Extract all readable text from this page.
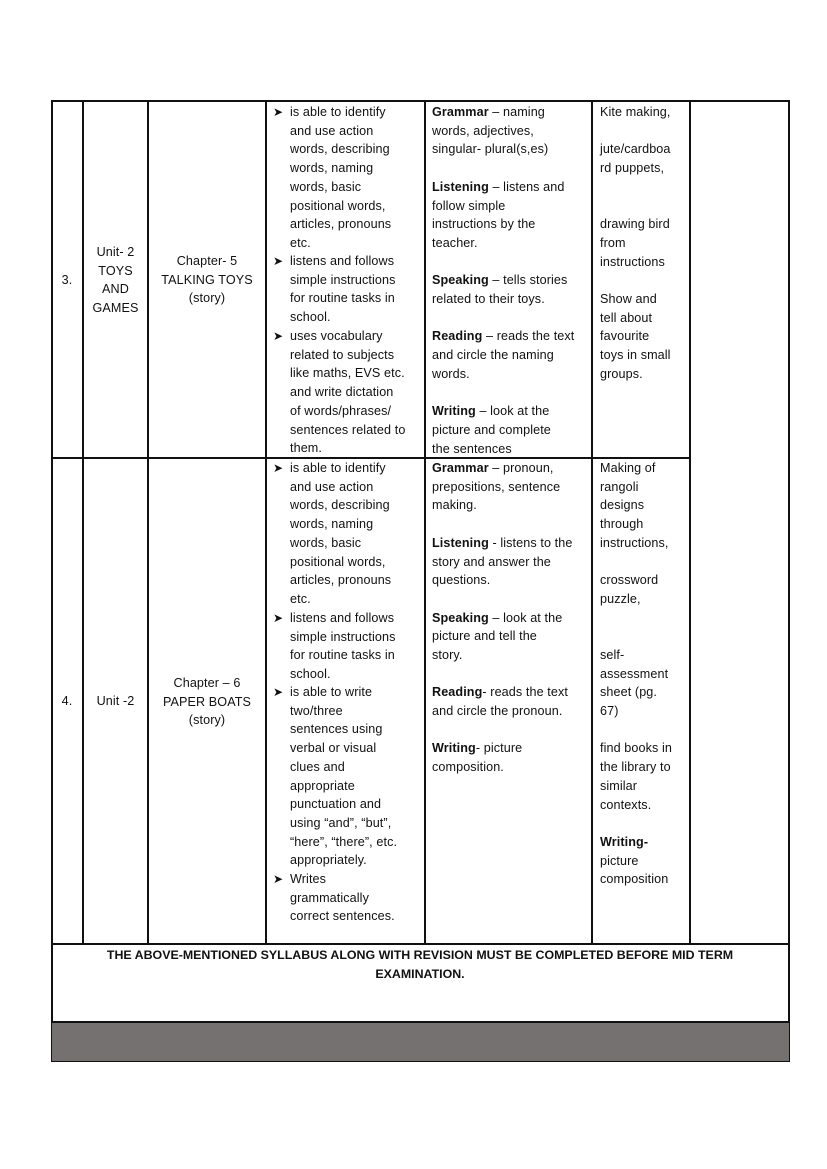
3.
Unit- 2
TOYS
AND
GAMES
Chapter- 5
TALKING TOYS
(story)
➤ is able to identify
and use action
words, describing
words, naming
words, basic
positional words,
articles, pronouns
etc.
➤ listens and follows
simple instructions
for routine tasks in
school.
➤ uses vocabulary
related to subjects
like maths, EVS etc.
and write dictation
of words/phrases/
sentences related to
them.
Grammar – naming
words, adjectives,
singular- plural(s,es)
Listening – listens and
follow simple
instructions by the
teacher.
Speaking – tells stories
related to their toys.
Reading – reads the text
and circle the naming
words.
Writing – look at the
picture and complete
the sentences
Kite making,
jute/cardboa
rd puppets,
drawing bird
from
instructions
Show and
tell about
favourite
toys in small
groups.
4.	Unit -2
Chapter – 6
PAPER BOATS
(story)
➤ is able to identify
and use action
words, describing
words, naming
words, basic
positional words,
articles, pronouns
etc.
➤ listens and follows
simple instructions
for routine tasks in
school.
➤ is able to write
two/three
sentences using
verbal or visual
clues and
appropriate
punctuation and
using “and”, “but”,
“here”, “there”, etc.
appropriately.
➤ Writes
grammatically
correct sentences.
Grammar – pronoun,
prepositions, sentence
making.
Listening - listens to the
story and answer the
questions.
Speaking – look at the
picture and tell the
story.
Reading- reads the text
and circle the pronoun.
Writing- picture
composition.
Making of
rangoli
designs
through
instructions,
crossword
puzzle,
self-
assessment
sheet (pg.
67)
find books in
the library to
similar
contexts.
Writing-
picture
composition
THE ABOVE-MENTIONED SYLLABUS ALONG WITH REVISION MUST BE COMPLETED BEFORE MID TERM EXAMINATION.
